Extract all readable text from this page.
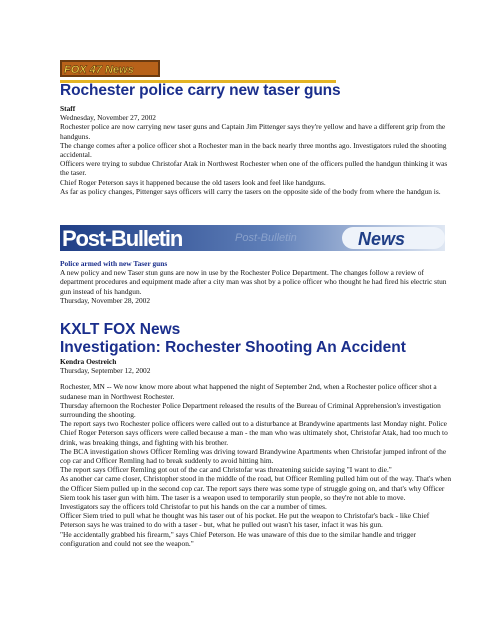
FOX 47 News
Rochester police carry new taser guns

Staff

Wednesday, November 27, 2002

Rochester police are now carrying new taser guns and Captain Jim Pittenger says they're yellow and have a different grip from the handguns.

The change comes after a police officer shot a Rochester man in the back nearly three months ago. Investigators ruled the shooting accidental.

Officers were trying to subdue Christofar Atak in Northwest Rochester when one of the officers pulled the handgun thinking it was the taser.

Chief Roger Peterson says it happened because the old tasers look and feel like handguns.

As far as policy changes, Pittenger says officers will carry the tasers on the opposite side of the body from where the handgun is.

Post-Bulletin	Post-Bulletin	News

Police armed with new Taser guns

A new policy and new Taser stun guns are now in use by the Rochester Police Department. The changes follow a review of department procedures and equipment made after a city man was shot by a police officer who thought he had fired his electric stun gun instead of his handgun.

Thursday, November 28, 2002

KXLT FOX News
Investigation: Rochester Shooting An Accident

Kendra Oestreich

Thursday, September 12, 2002

Rochester, MN -- We now know more about what happened the night of September 2nd, when a Rochester police officer shot a sudanese man in Northwest Rochester.

Thursday afternoon the Rochester Police Department released the results of the Bureau of Criminal Apprehension's investigation surrounding the shooting.

The report says two Rochester police officers were called out to a disturbance at Brandywine apartments last Monday night. Police Chief Roger Peterson says officers were called because a man - the man who was ultimately shot, Christofar Atak, had too much to drink, was breaking things, and fighting with his brother.

The BCA investigation shows Officer Remling was driving toward Brandywine Apartments when Christofar jumped infront of the cop car and Officer Remling had to break suddenly to avoid hitting him.

The report says Officer Remling got out of the car and Christofar was threatening suicide saying "I want to die."

As another car came closer, Christopher stood in the middle of the road, but Officer Remling pulled him out of the way. That's when the Officer Siem pulled up in the second cop car. The report says there was some type of struggle going on, and that's why Officer Siem took his taser gun with him. The taser is a weapon used to temporarily stun people, so they're not able to move.

Investigators say the officers told Christofar to put his hands on the car a number of times.

Officer Siem tried to pull what he thought was his taser out of his pocket. He put the weapon to Christofar's back - like Chief Peterson says he was trained to do with a taser - but, what he pulled out wasn't his taser, infact it was his gun.

"He accidentally grabbed his firearm," says Chief Peterson. He was unaware of this due to the similar handle and trigger configuration and could not see the weapon."
